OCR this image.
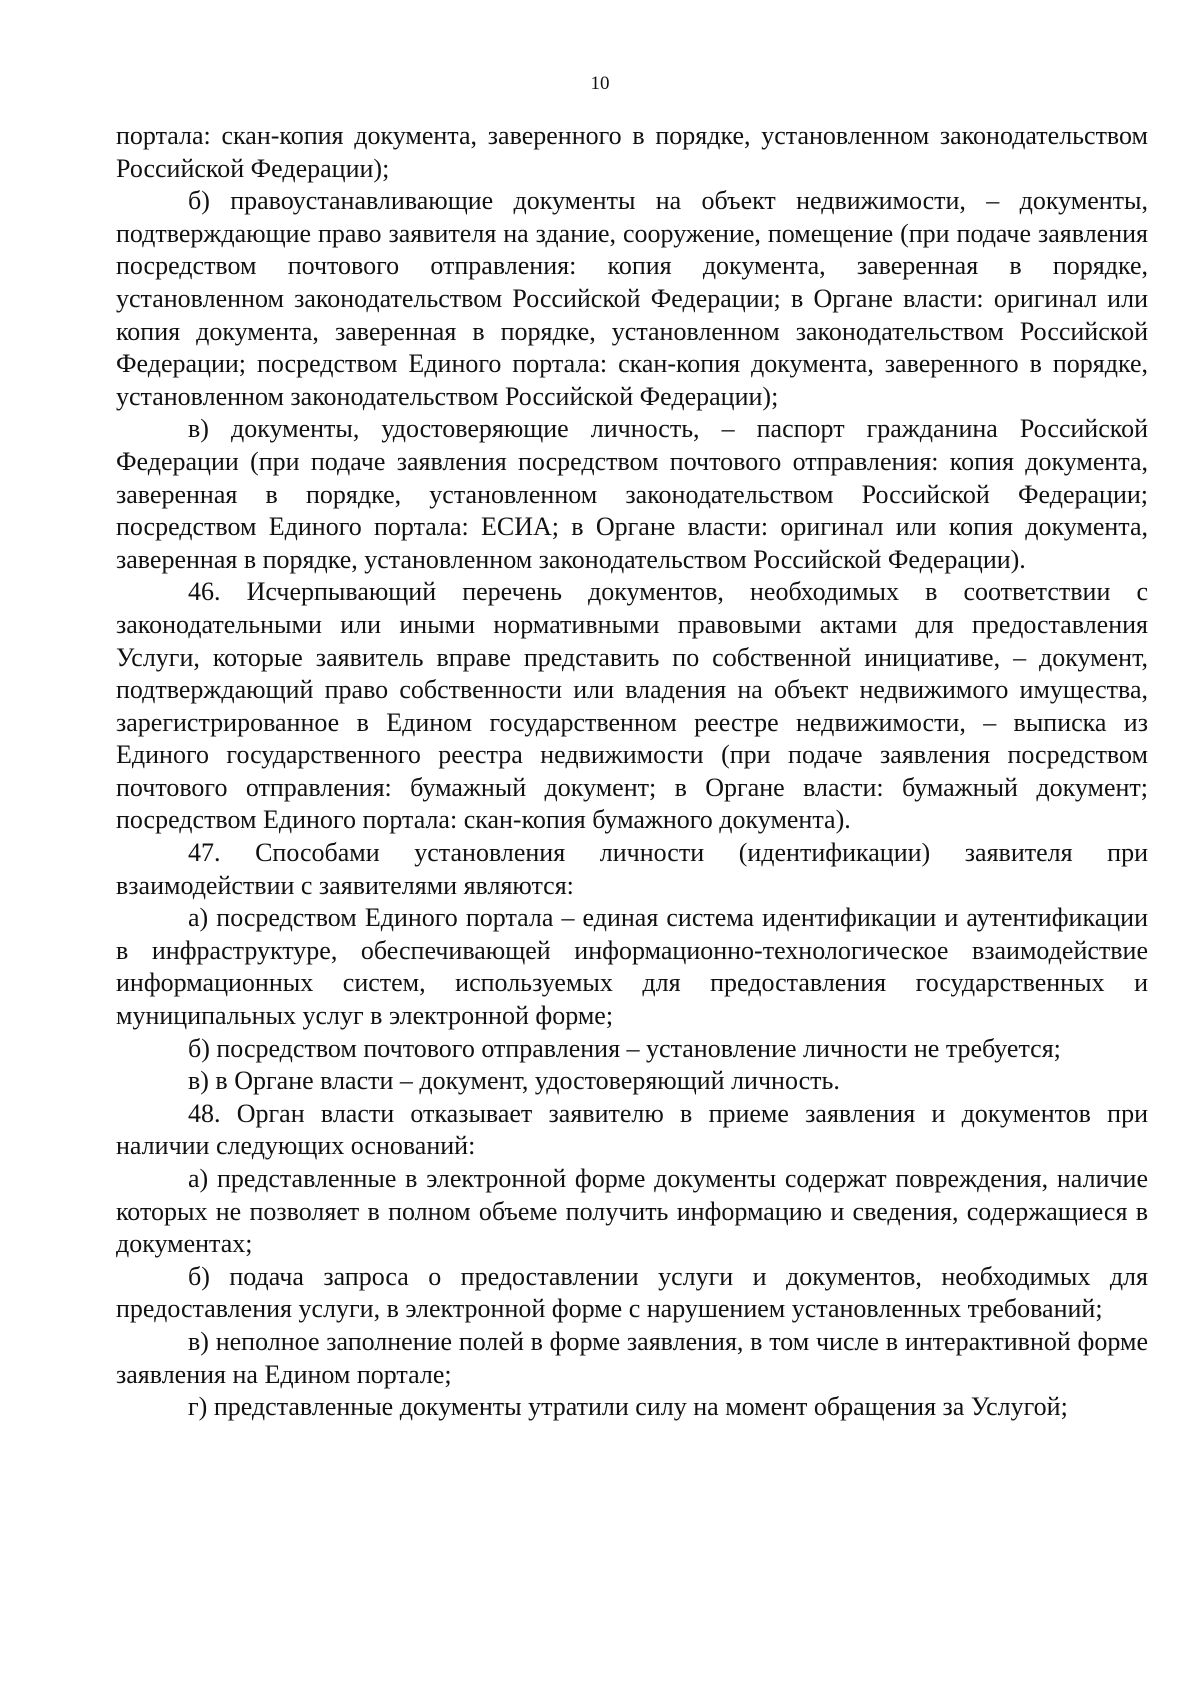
10

портала: скан-копия документа, заверенного в порядке, установленном законодательством Российской Федерации);

б) правоустанавливающие документы на объект недвижимости, – документы, подтверждающие право заявителя на здание, сооружение, помещение (при подаче заявления посредством почтового отправления: копия документа, заверенная в порядке, установленном законодательством Российской Федерации; в Органе власти: оригинал или копия документа, заверенная в порядке, установленном законодательством Российской Федерации; посредством Единого портала: скан-копия документа, заверенного в порядке, установленном законодательством Российской Федерации);

в) документы, удостоверяющие личность, – паспорт гражданина Российской Федерации (при подаче заявления посредством почтового отправления: копия документа, заверенная в порядке, установленном законодательством Российской Федерации; посредством Единого портала: ЕСИА; в Органе власти: оригинал или копия документа, заверенная в порядке, установленном законодательством Российской Федерации).

46. Исчерпывающий перечень документов, необходимых в соответствии с законодательными или иными нормативными правовыми актами для предоставления Услуги, которые заявитель вправе представить по собственной инициативе, – документ, подтверждающий право собственности или владения на объект недвижимого имущества, зарегистрированное в Едином государственном реестре недвижимости, – выписка из Единого государственного реестра недвижимости (при подаче заявления посредством почтового отправления: бумажный документ; в Органе власти: бумажный документ; посредством Единого портала: скан-копия бумажного документа).

47. Способами установления личности (идентификации) заявителя при взаимодействии с заявителями являются:

а) посредством Единого портала – единая система идентификации и аутентификации в инфраструктуре, обеспечивающей информационно-технологическое взаимодействие информационных систем, используемых для предоставления государственных и муниципальных услуг в электронной форме;

б) посредством почтового отправления – установление личности не требуется;

в) в Органе власти – документ, удостоверяющий личность.

48. Орган власти отказывает заявителю в приеме заявления и документов при наличии следующих оснований:

а) представленные в электронной форме документы содержат повреждения, наличие которых не позволяет в полном объеме получить информацию и сведения, содержащиеся в документах;

б) подача запроса о предоставлении услуги и документов, необходимых для предоставления услуги, в электронной форме с нарушением установленных требований;

в) неполное заполнение полей в форме заявления, в том числе в интерактивной форме заявления на Едином портале;

г) представленные документы утратили силу на момент обращения за Услугой;
